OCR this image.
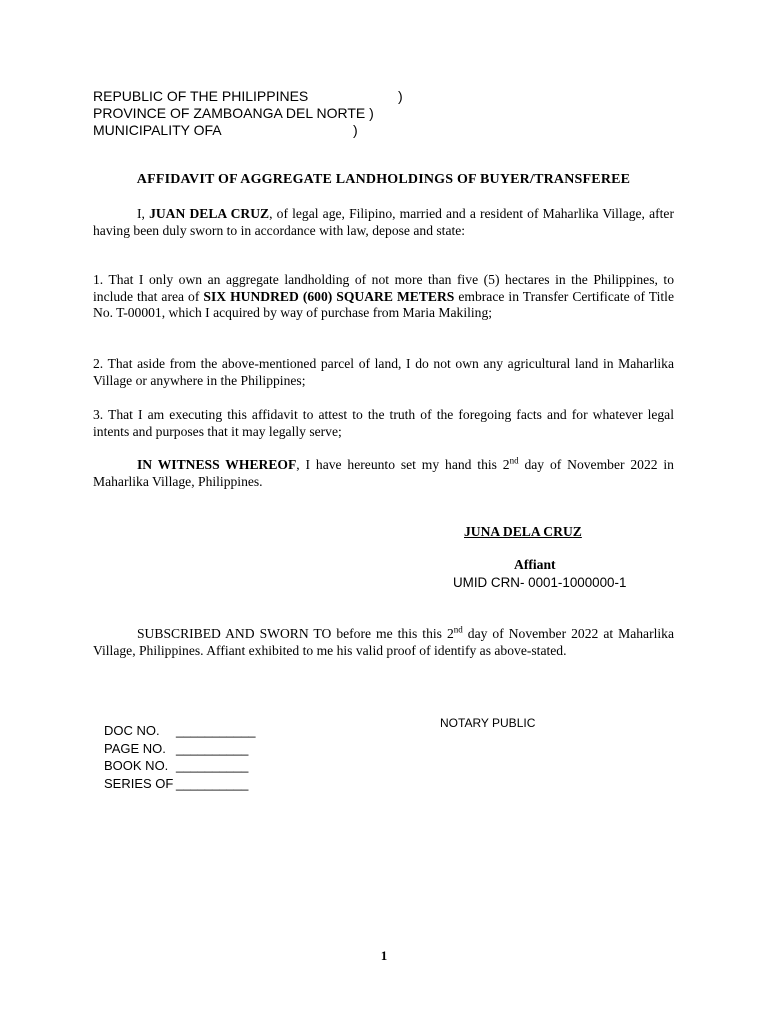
REPUBLIC OF THE PHILIPPINES	)
PROVINCE OF ZAMBOANGA DEL NORTE )
MUNICIPALITY OFA	)
AFFIDAVIT OF AGGREGATE LANDHOLDINGS OF BUYER/TRANSFEREE

I, JUAN DELA CRUZ, of legal age, Filipino, married and a resident of Maharlika Village, after having been duly sworn to in accordance with law, depose and state:

1. That I only own an aggregate landholding of not more than five (5) hectares in the Philippines, to include that area of SIX HUNDRED (600) SQUARE METERS embrace in Transfer Certificate of Title No. T-00001, which I acquired by way of purchase from Maria Makiling;

2. That aside from the above-mentioned parcel of land, I do not own any agricultural land in Maharlika Village or anywhere in the Philippines;

3. That I am executing this affidavit to attest to the truth of the foregoing facts and for whatever legal intents and purposes that it may legally serve;

IN WITNESS WHEREOF, I have hereunto set my hand this 2nd day of November 2022 in Maharlika Village, Philippines.

JUNA DELA CRUZ
Affiant
UMID CRN- 0001-1000000-1

SUBSCRIBED AND SWORN TO before me this this 2nd day of November 2022 at Maharlika Village, Philippines. Affiant exhibited to me his valid proof of identify as above-stated.

NOTARY PUBLIC
DOC NO. ___________
PAGE NO. __________
BOOK NO. __________
SERIES OF __________
1
